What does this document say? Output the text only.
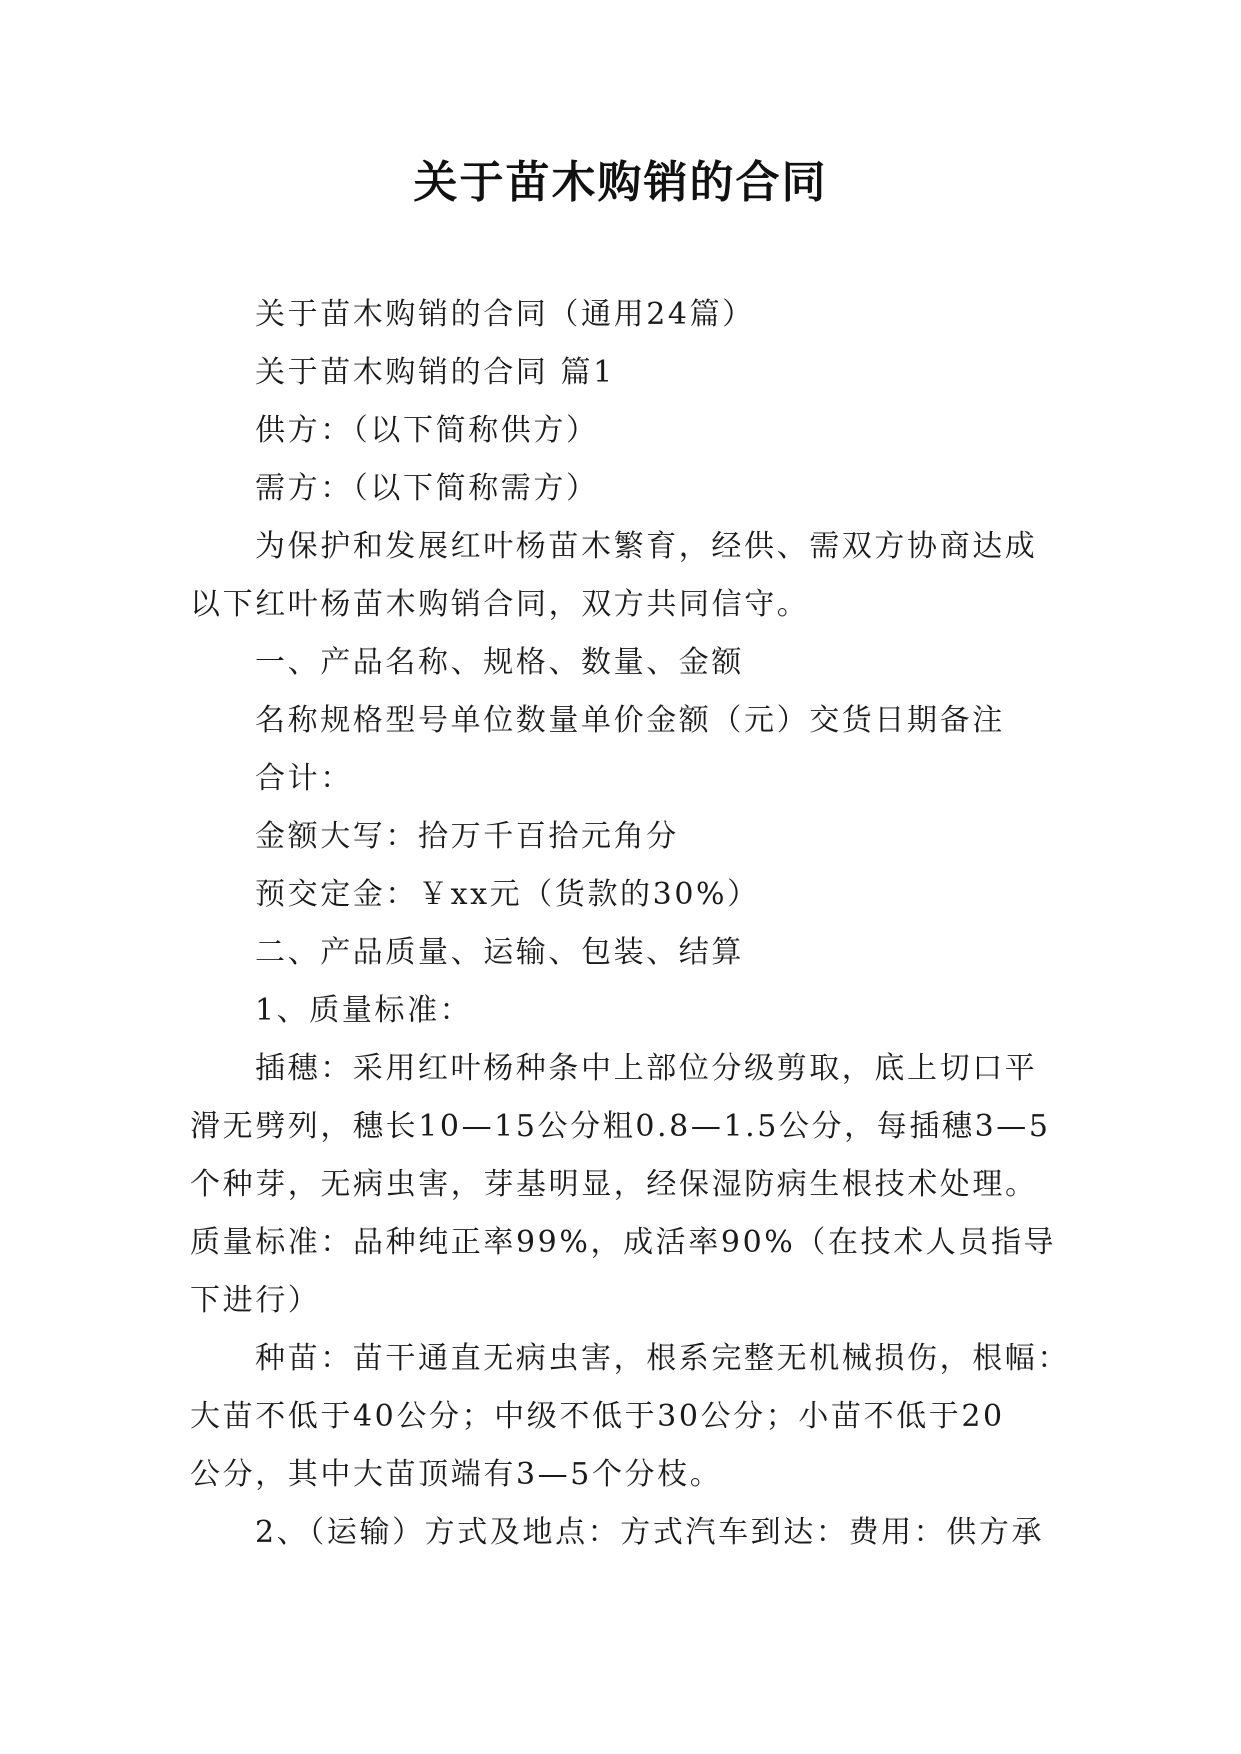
关于苗木购销的合同

关于苗木购销的合同（通用24篇）

关于苗木购销的合同 篇1

供方：（以下简称供方）

需方：（以下简称需方）

为保护和发展红叶杨苗木繁育，经供、需双方协商达成

以下红叶杨苗木购销合同，双方共同信守。

一、产品名称、规格、数量、金额

名称规格型号单位数量单价金额（元）交货日期备注

合计：

金额大写：拾万千百拾元角分

预交定金：￥xx元（货款的30%）

二、产品质量、运输、包装、结算

1、质量标准：

插穗：采用红叶杨种条中上部位分级剪取，底上切口平

滑无劈列，穗长10—15公分粗0.8—1.5公分，每插穗3—5

个种芽，无病虫害，芽基明显，经保湿防病生根技术处理。

质量标准：品种纯正率99%，成活率90%（在技术人员指导

下进行）

种苗：苗干通直无病虫害，根系完整无机械损伤，根幅：

大苗不低于40公分；中级不低于30公分；小苗不低于20

公分，其中大苗顶端有3—5个分枝。

2、（运输）方式及地点：方式汽车到达：费用：供方承
